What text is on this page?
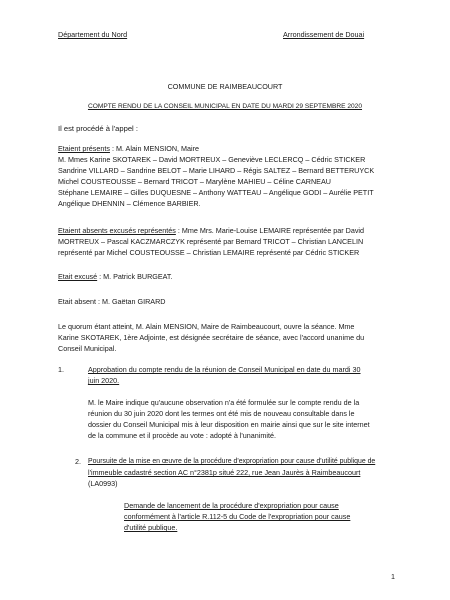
Département du Nord	Arrondissement de Douai
COMMUNE DE RAIMBEAUCOURT
COMPTE RENDU DE LA CONSEIL MUNICIPAL EN DATE DU MARDI 29 SEPTEMBRE 2020
Il est procédé à l'appel :
Etaient présents : M. Alain MENSION, Maire
M. Mmes Karine SKOTAREK – David MORTREUX – Geneviève LECLERCQ – Cédric STICKER
Sandrine VILLARD – Sandrine BELOT – Marie LIHARD – Régis SALTEZ – Bernard BETTERUYCK
Michel COUSTEOUSSE – Bernard TRICOT – Marylène MAHIEU – Céline CARNEAU
Stéphane LEMAIRE – Gilles DUQUESNE – Anthony WATTEAU – Angélique GODI – Aurélie PETIT
Angélique DHENNIN – Clémence BARBIER.
Etaient absents excusés représentés : Mme Mrs. Marie-Louise LEMAIRE représentée par David
MORTREUX – Pascal KACZMARCZYK représenté par Bernard TRICOT – Christian LANCELIN
représenté par Michel COUSTEOUSSE – Christian LEMAIRE représenté par Cédric STICKER
Etait excusé : M. Patrick BURGEAT.
Etait absent : M. Gaëtan GIRARD
Le quorum étant atteint, M. Alain MENSION, Maire de Raimbeaucourt, ouvre la séance. Mme
Karine SKOTAREK, 1ère Adjointe, est désignée secrétaire de séance, avec l'accord unanime du
Conseil Municipal.
1.	Approbation du compte rendu de la réunion de Conseil Municipal en date du mardi 30
juin 2020.
M. le Maire indique qu'aucune observation n'a été formulée sur le compte rendu de la
réunion du 30 juin 2020 dont les termes ont été mis de nouveau consultable dans le
dossier du Conseil Municipal mis à leur disposition en mairie ainsi que sur le site internet
de la commune et il procède au vote : adopté à l'unanimité.
2. Poursuite de la mise en œuvre de la procédure d'expropriation pour cause d'utilité publique de
l'immeuble cadastré section AC n°2381p situé 222, rue Jean Jaurès à Raimbeaucourt
(LA0993)
Demande de lancement de la procédure d'expropriation pour cause
conformément à l'article R.112-5 du Code de l'expropriation pour cause
d'utilité publique.
1
